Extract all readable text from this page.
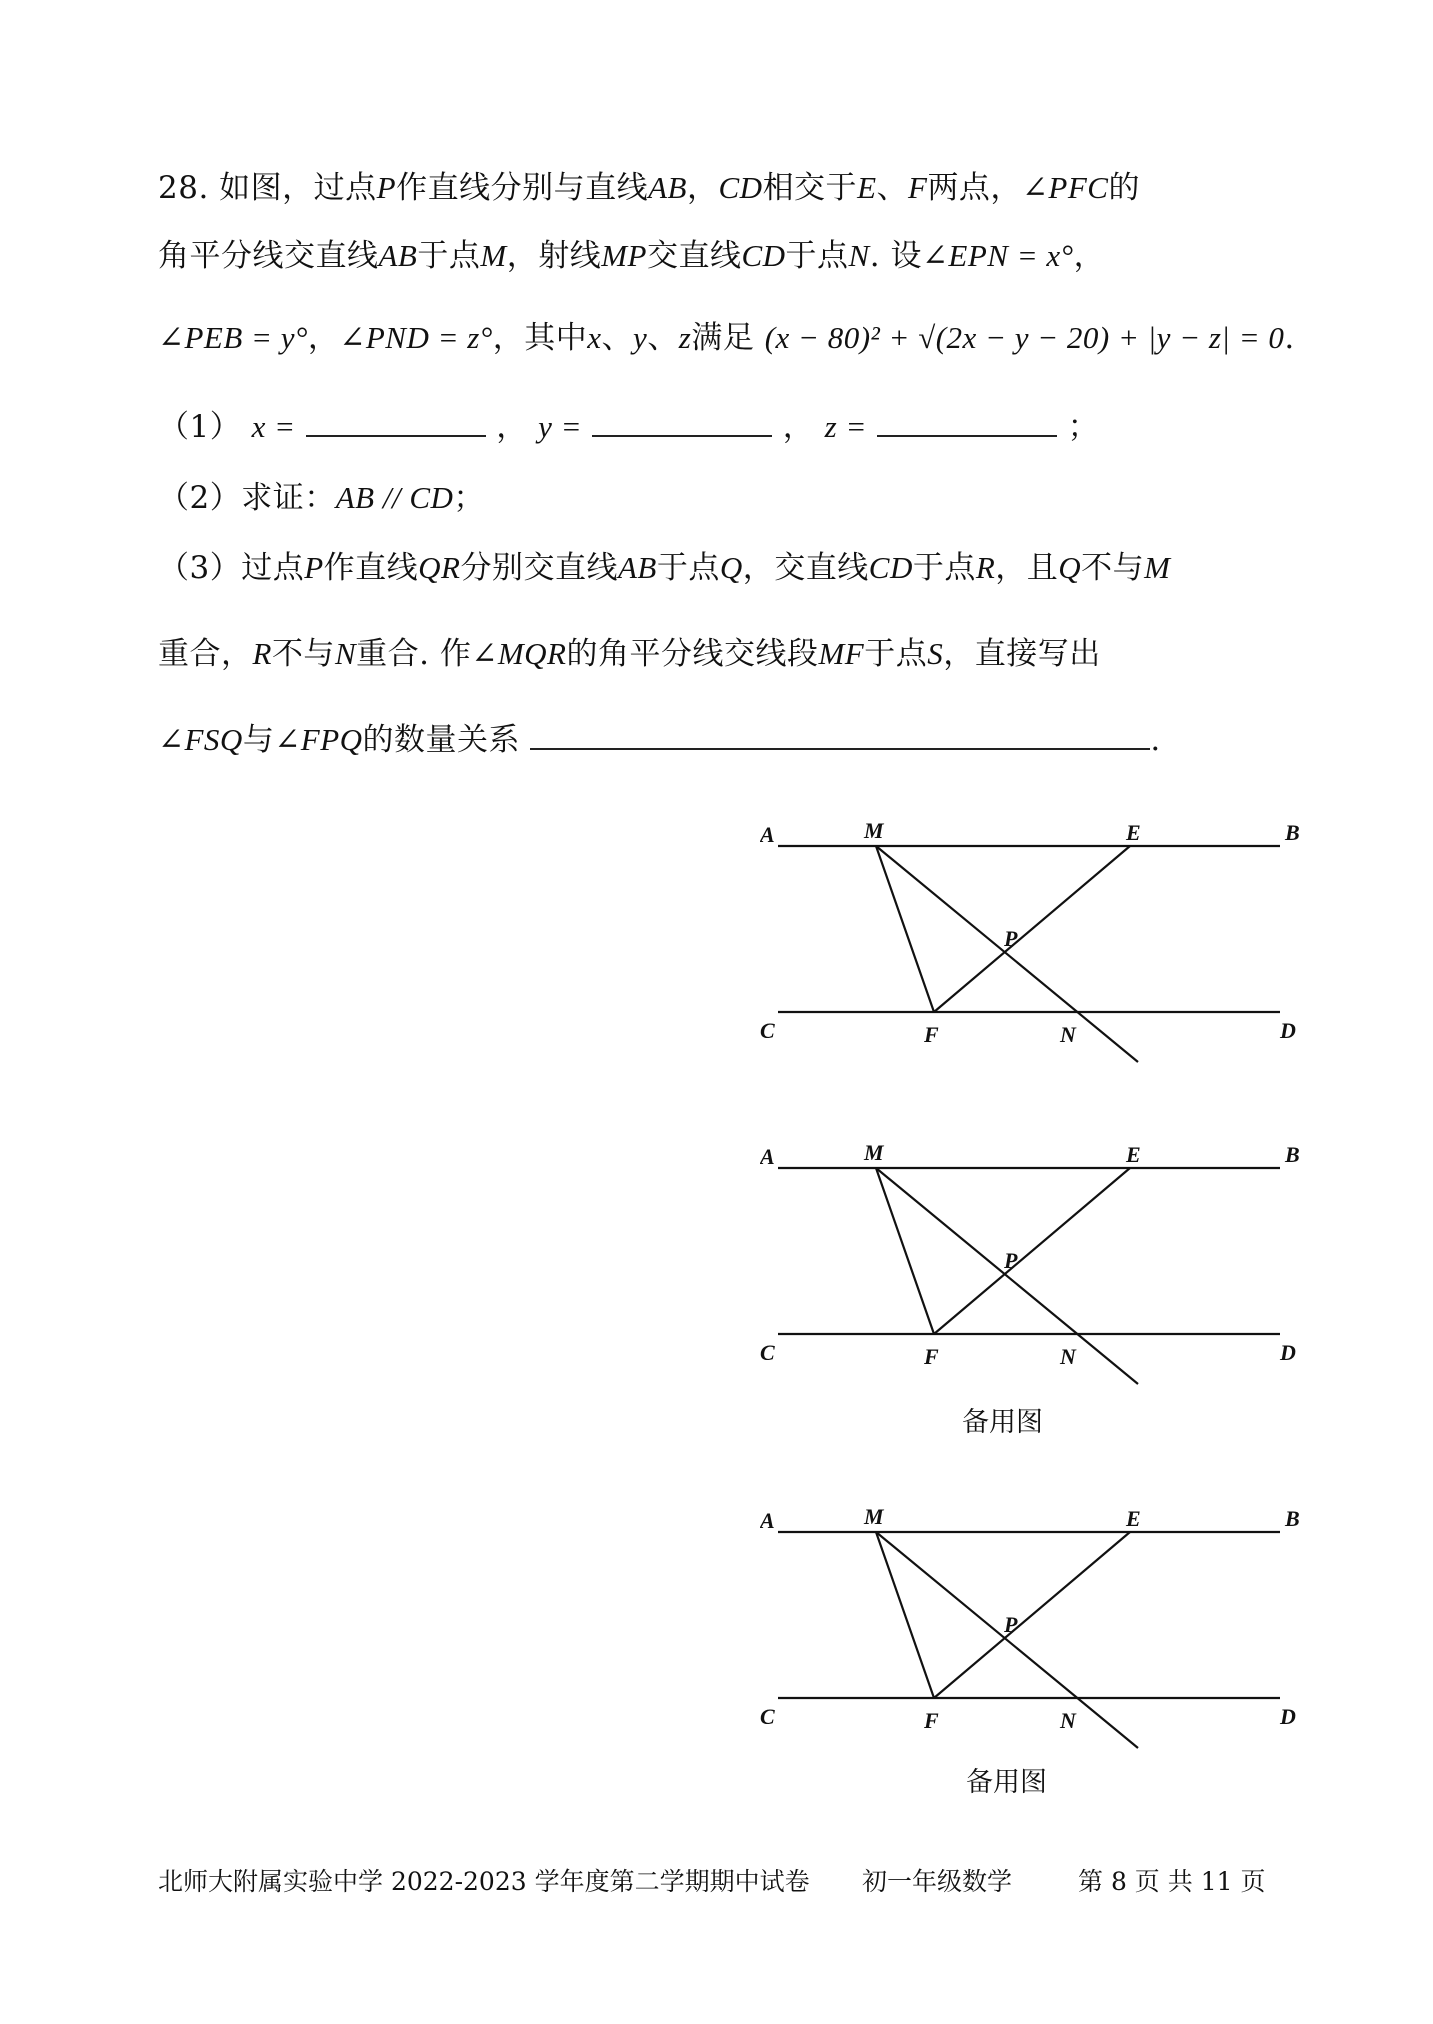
28. 如图，过点P作直线分别与直线AB，CD相交于E、F两点，∠PFC的
角平分线交直线AB于点M，射线MP交直线CD于点N. 设∠EPN = x°，
∠PEB = y°，∠PND = z°，其中x、y、z满足 (x − 80)² + √(2x − y − 20) + |y − z| = 0.
（1） x =	， y =	， z =	；
（2）求证：AB // CD；
（3）过点P作直线QR分别交直线AB于点Q，交直线CD于点R，且Q不与M
重合，R不与N重合. 作∠MQR的角平分线交线段MF于点S，直接写出
∠FSQ与∠FPQ的数量关系	.
A	M	E	B
P
C	F	N	D
A	M	E	B
P
C	F	N	D
备用图
A	M	E	B
P
C	F	N	D
备用图
北师大附属实验中学 2022-2023 学年度第二学期期中试卷 初一年级数学	第 8 页 共 11 页
